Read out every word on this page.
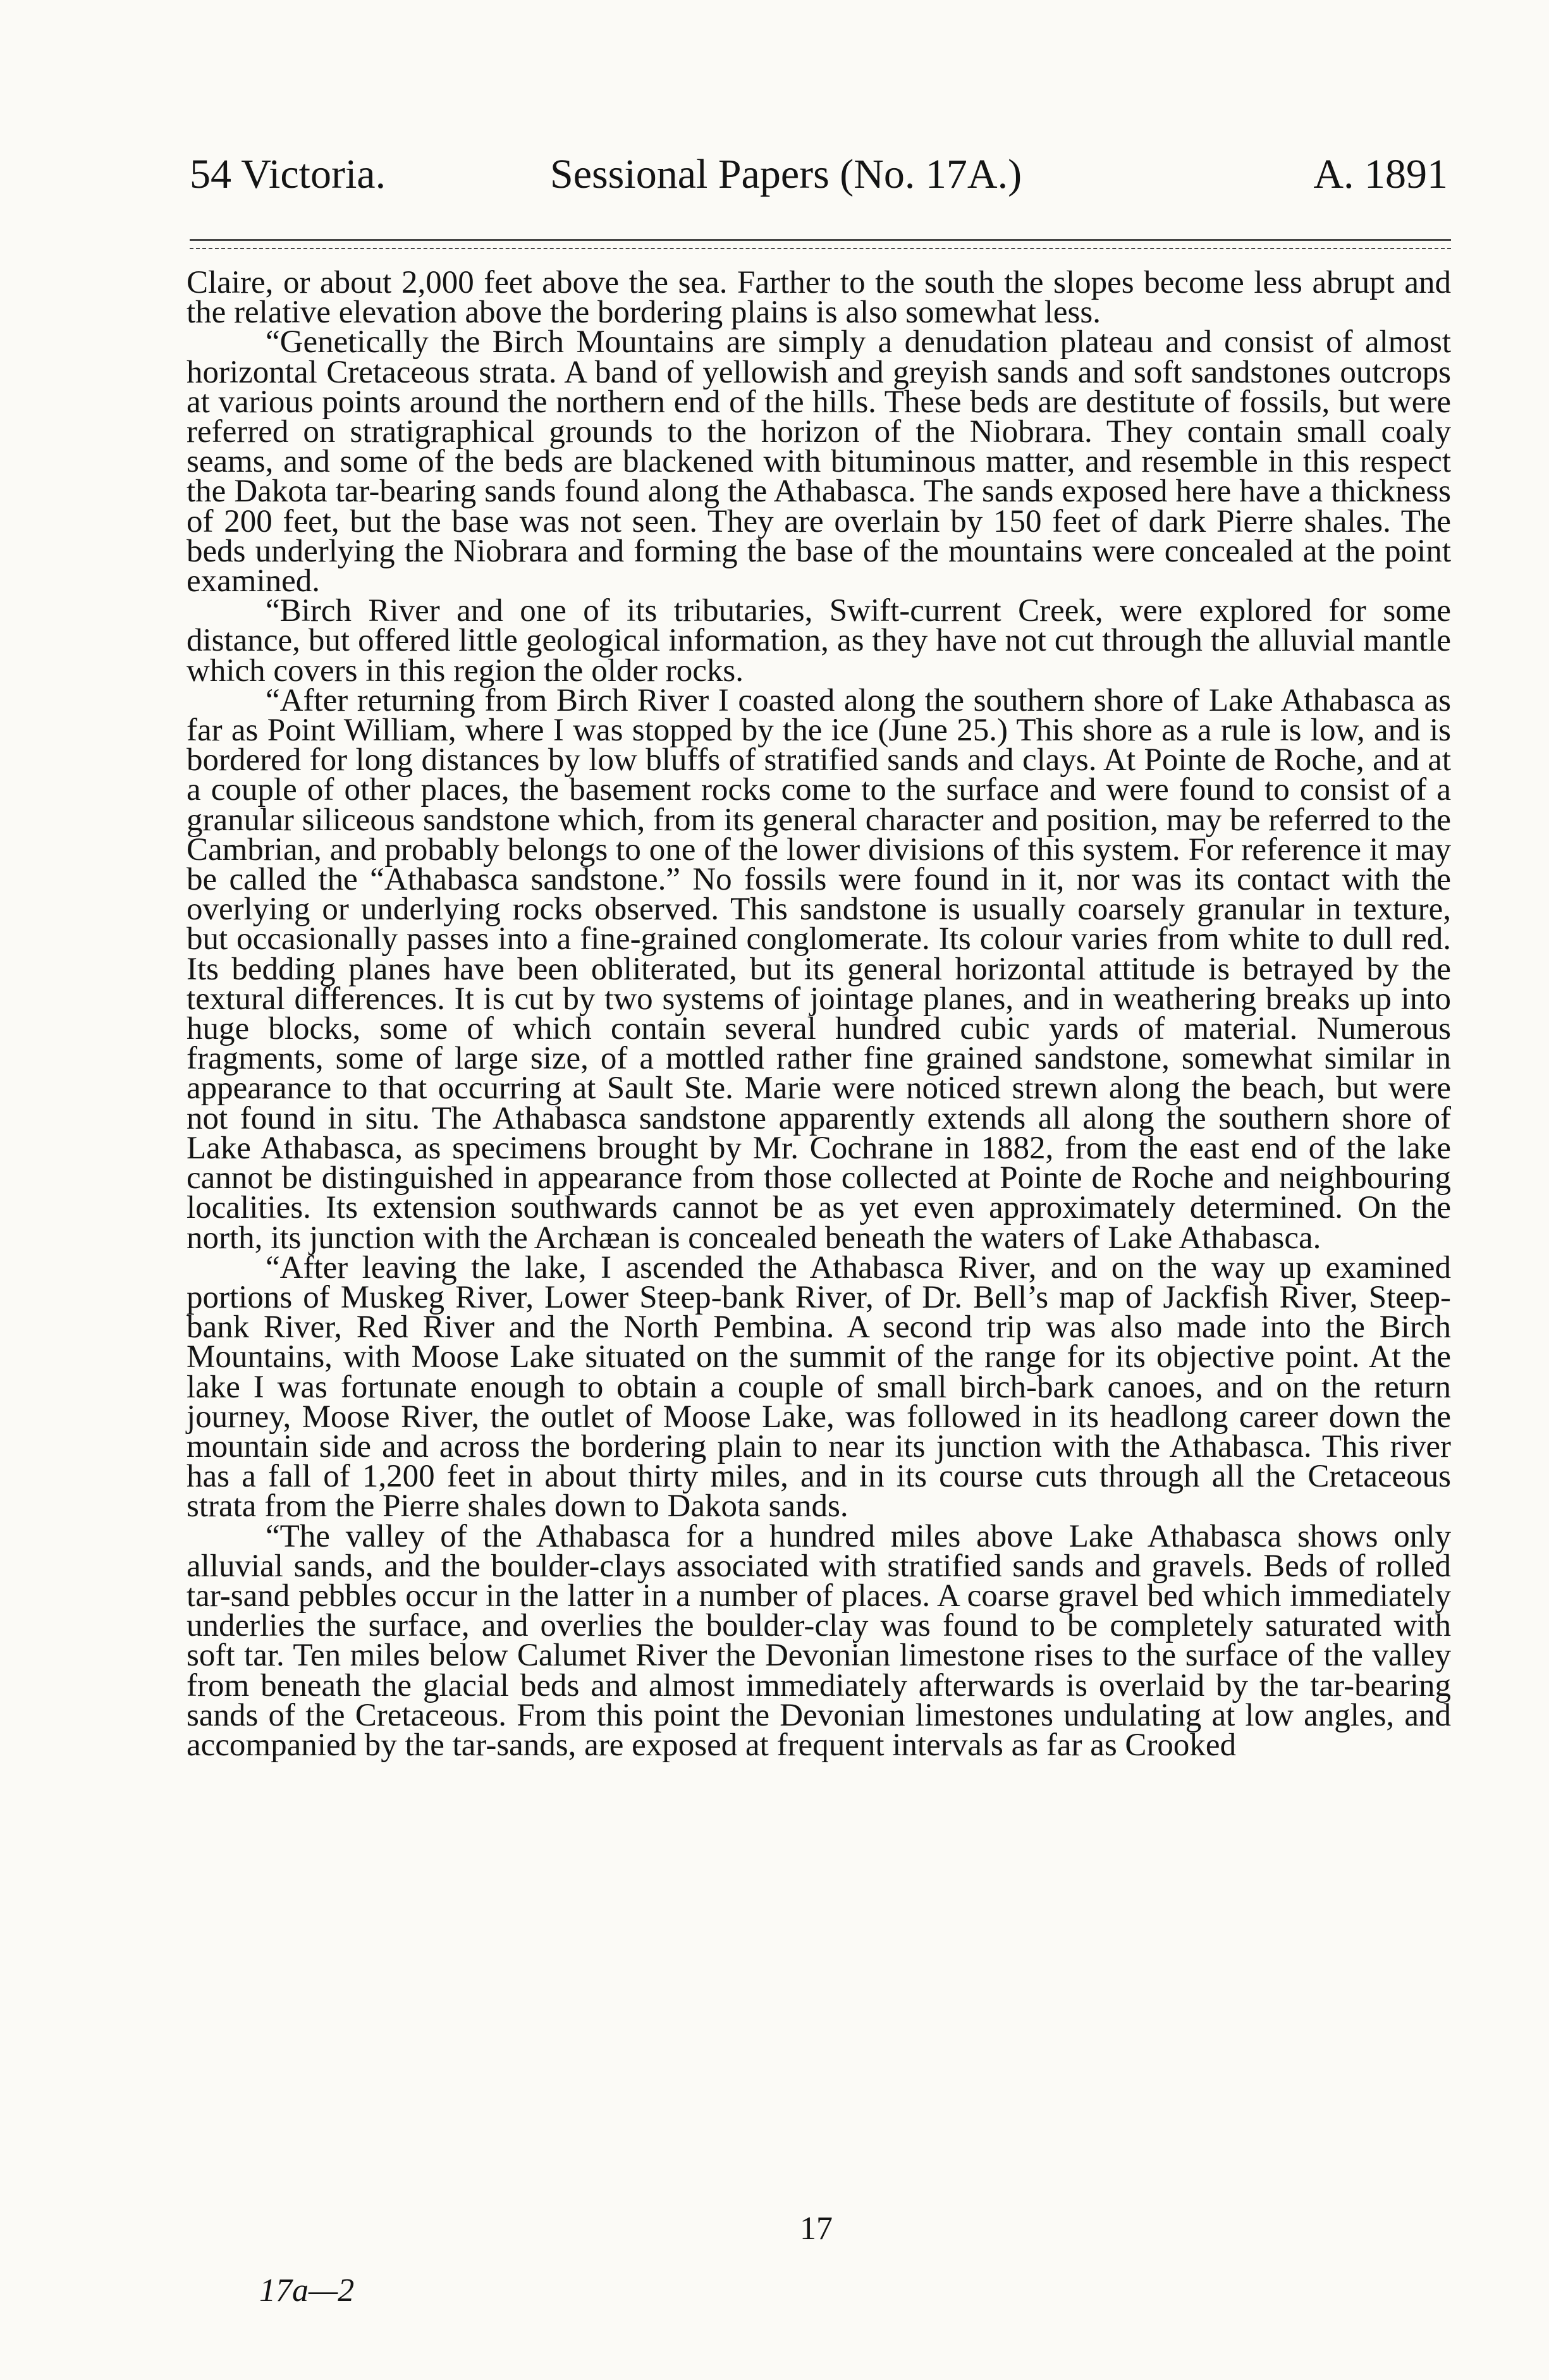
54 Victoria.	Sessional Papers (No. 17A.)	A. 1891

Claire, or about 2,000 feet above the sea. Farther to the south the slopes become less abrupt and the relative elevation above the bordering plains is also somewhat less.

“Genetically the Birch Mountains are simply a denudation plateau and consist of almost horizontal Cretaceous strata. A band of yellowish and greyish sands and soft sandstones outcrops at various points around the northern end of the hills. These beds are destitute of fossils, but were referred on stratigraphical grounds to the horizon of the Niobrara. They contain small coaly seams, and some of the beds are blackened with bituminous matter, and resemble in this respect the Dakota tar-bearing sands found along the Athabasca. The sands exposed here have a thickness of 200 feet, but the base was not seen. They are overlain by 150 feet of dark Pierre shales. The beds underlying the Niobrara and forming the base of the mountains were concealed at the point examined.

“Birch River and one of its tributaries, Swift-current Creek, were explored for some distance, but offered little geological information, as they have not cut through the alluvial mantle which covers in this region the older rocks.

“After returning from Birch River I coasted along the southern shore of Lake Athabasca as far as Point William, where I was stopped by the ice (June 25.) This shore as a rule is low, and is bordered for long distances by low bluffs of stratified sands and clays. At Pointe de Roche, and at a couple of other places, the basement rocks come to the surface and were found to consist of a granular siliceous sandstone which, from its general character and position, may be referred to the Cambrian, and probably belongs to one of the lower divisions of this system. For reference it may be called the “Athabasca sandstone.” No fossils were found in it, nor was its contact with the overlying or underlying rocks observed. This sandstone is usually coarsely granular in texture, but occasionally passes into a fine-grained conglomerate. Its colour varies from white to dull red. Its bedding planes have been obliterated, but its general horizontal attitude is betrayed by the textural differences. It is cut by two systems of jointage planes, and in weathering breaks up into huge blocks, some of which contain several hundred cubic yards of material. Numerous fragments, some of large size, of a mottled rather fine grained sandstone, somewhat similar in appearance to that occurring at Sault Ste. Marie were noticed strewn along the beach, but were not found in situ. The Athabasca sandstone apparently extends all along the southern shore of Lake Athabasca, as specimens brought by Mr. Cochrane in 1882, from the east end of the lake cannot be distinguished in appearance from those collected at Pointe de Roche and neighbouring localities. Its extension southwards cannot be as yet even approximately determined. On the north, its junction with the Archæan is concealed beneath the waters of Lake Athabasca.

“After leaving the lake, I ascended the Athabasca River, and on the way up examined portions of Muskeg River, Lower Steep-bank River, of Dr. Bell’s map of Jackfish River, Steep-bank River, Red River and the North Pembina. A second trip was also made into the Birch Mountains, with Moose Lake situated on the summit of the range for its objective point. At the lake I was fortunate enough to obtain a couple of small birch-bark canoes, and on the return journey, Moose River, the outlet of Moose Lake, was followed in its headlong career down the mountain side and across the bordering plain to near its junction with the Athabasca. This river has a fall of 1,200 feet in about thirty miles, and in its course cuts through all the Cretaceous strata from the Pierre shales down to Dakota sands.

“The valley of the Athabasca for a hundred miles above Lake Athabasca shows only alluvial sands, and the boulder-clays associated with stratified sands and gravels. Beds of rolled tar-sand pebbles occur in the latter in a number of places. A coarse gravel bed which immediately underlies the surface, and overlies the boulder-clay was found to be completely saturated with soft tar. Ten miles below Calumet River the Devonian limestone rises to the surface of the valley from beneath the glacial beds and almost immediately afterwards is overlaid by the tar-bearing sands of the Cretaceous. From this point the Devonian limestones undulating at low angles, and accompanied by the tar-sands, are exposed at frequent intervals as far as Crooked

17
17a—2
